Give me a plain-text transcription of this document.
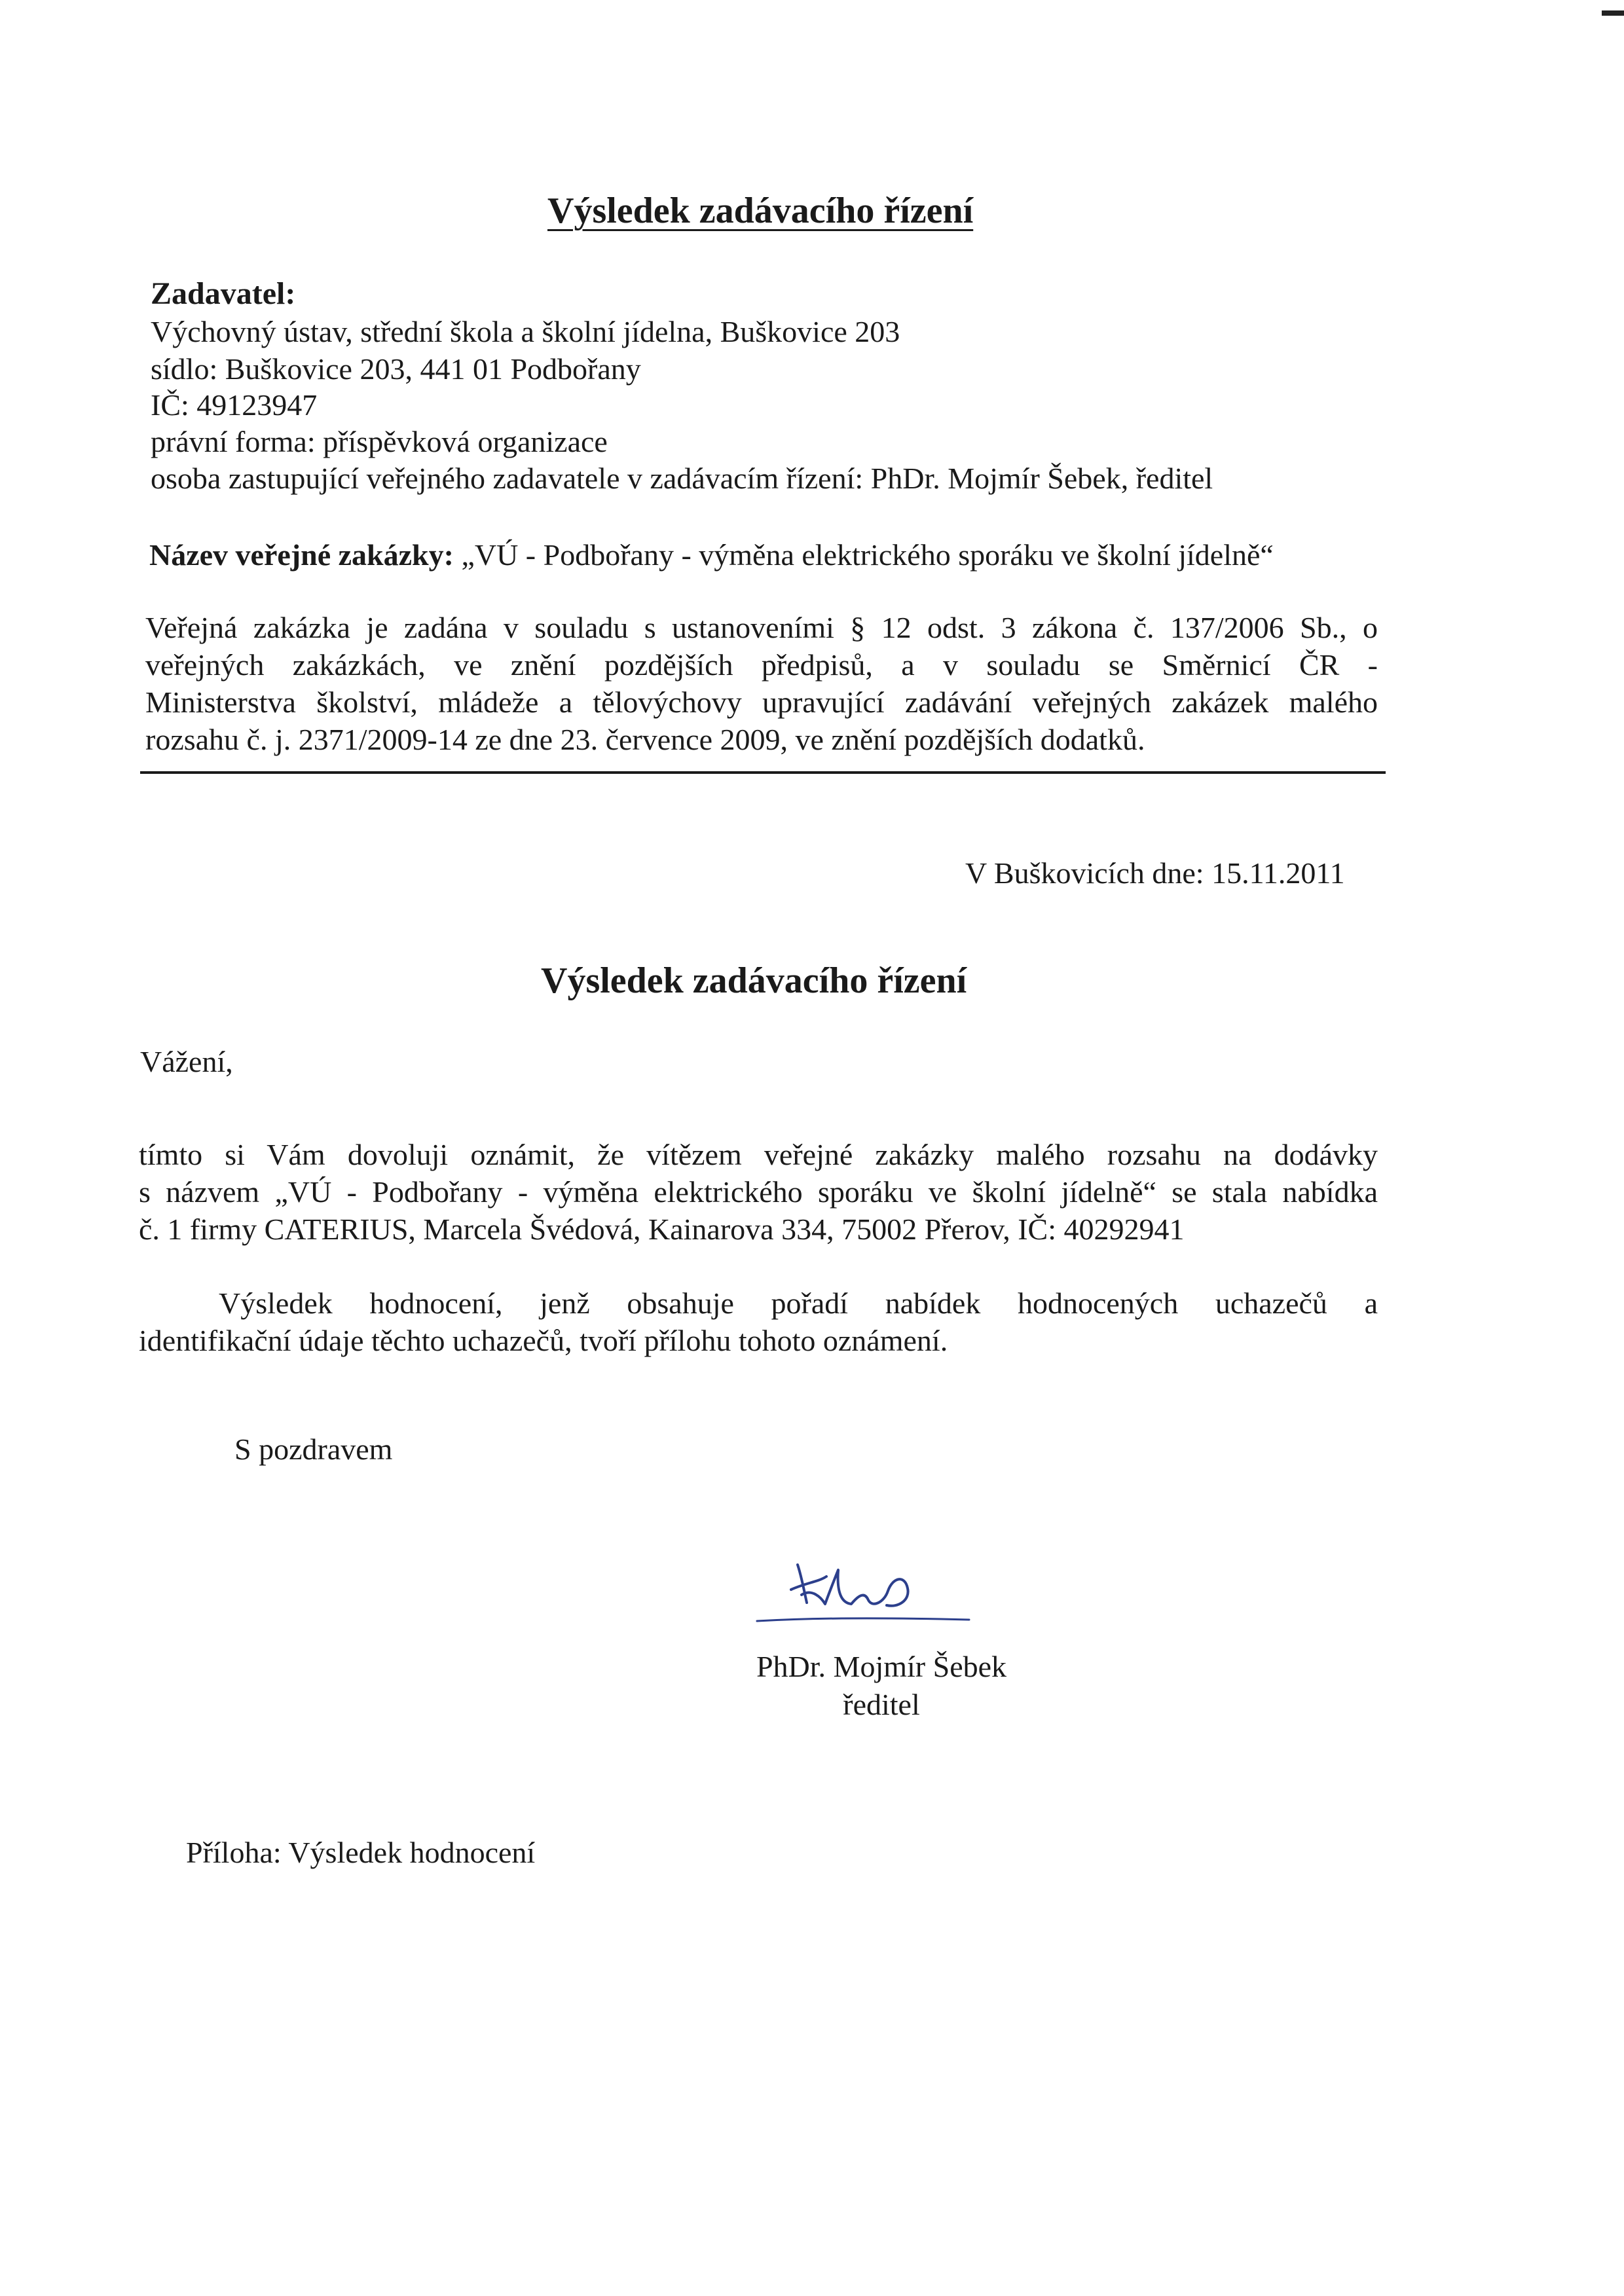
Výsledek zadávacího řízení
Zadavatel:
Výchovný ústav, střední škola a školní jídelna, Buškovice 203
sídlo: Buškovice 203, 441 01 Podbořany
IČ: 49123947
právní forma: příspěvková organizace
osoba zastupující veřejného zadavatele v zadávacím řízení: PhDr. Mojmír Šebek, ředitel
Název veřejné zakázky: „VÚ - Podbořany - výměna elektrického sporáku ve školní jídelně“
Veřejná zakázka je zadána v souladu s ustanoveními § 12 odst. 3 zákona č. 137/2006 Sb., o
veřejných zakázkách, ve znění pozdějších předpisů, a v souladu se Směrnicí ČR -
Ministerstva školství, mládeže a tělovýchovy upravující zadávání veřejných zakázek malého
rozsahu č. j. 2371/2009-14 ze dne 23. července 2009, ve znění pozdějších dodatků.
V Buškovicích dne: 15.11.2011
Výsledek zadávacího řízení
Vážení,
tímto si Vám dovoluji oznámit, že vítězem veřejné zakázky malého rozsahu na dodávky
s názvem „VÚ - Podbořany - výměna elektrického sporáku ve školní jídelně“ se stala nabídka
č. 1 firmy CATERIUS, Marcela Švédová, Kainarova 334, 75002 Přerov, IČ: 40292941
Výsledek hodnocení, jenž obsahuje pořadí nabídek hodnocených uchazečů a
identifikační údaje těchto uchazečů, tvoří přílohu tohoto oznámení.
S pozdravem
PhDr. Mojmír Šebek
ředitel
Příloha: Výsledek hodnocení
